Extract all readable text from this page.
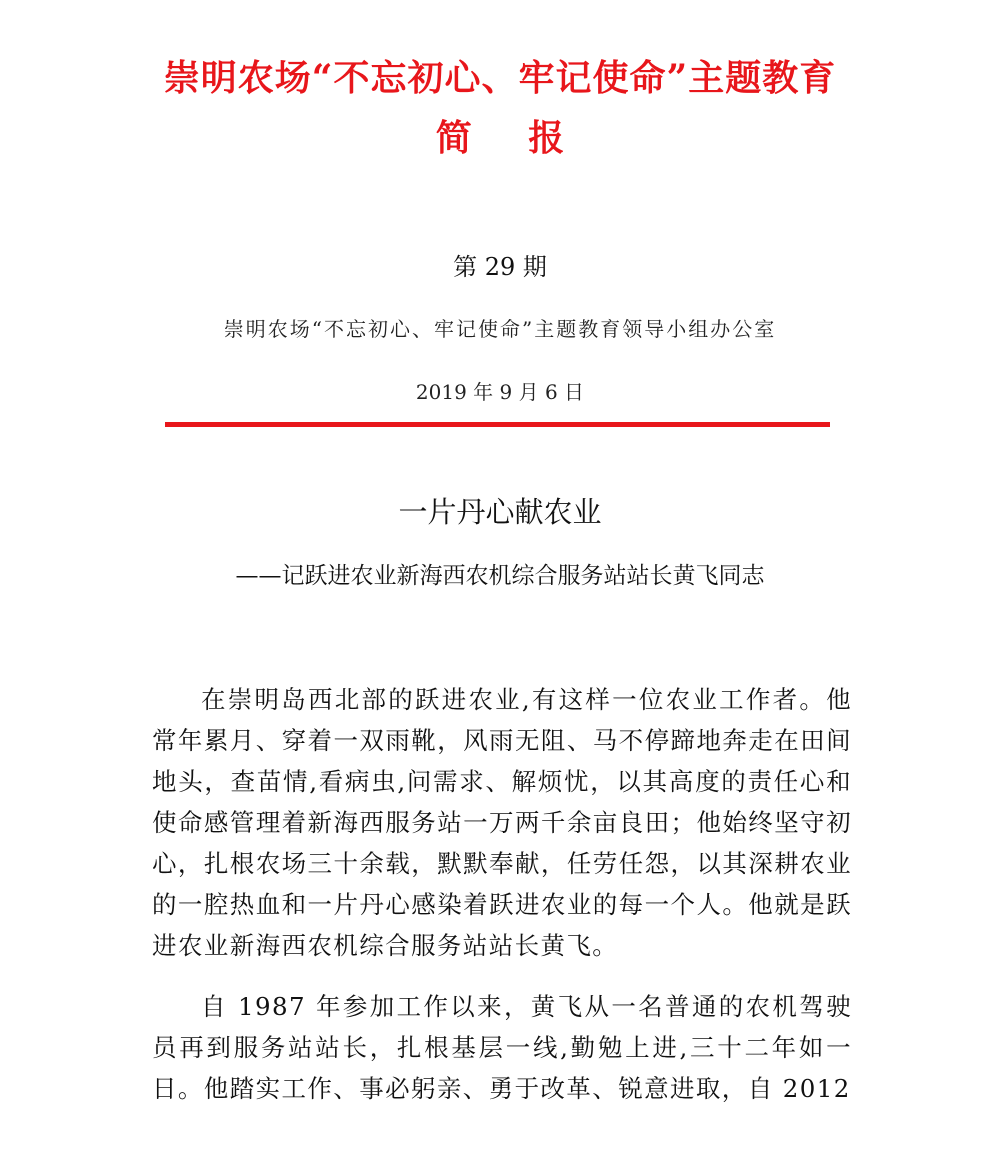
崇明农场“不忘初心、牢记使命”主题教育
简 报
第 29 期
崇明农场“不忘初心、牢记使命”主题教育领导小组办公室
2019 年 9 月 6 日
一片丹心献农业
——记跃进农业新海西农机综合服务站站长黄飞同志

在崇明岛西北部的跃进农业,有这样一位农业工作者。他常年累月、穿着一双雨靴，风雨无阻、马不停蹄地奔走在田间地头，查苗情,看病虫,问需求、解烦忧，以其高度的责任心和使命感管理着新海西服务站一万两千余亩良田；他始终坚守初心，扎根农场三十余载，默默奉献，任劳任怨，以其深耕农业的一腔热血和一片丹心感染着跃进农业的每一个人。他就是跃进农业新海西农机综合服务站站长黄飞。

自 1987 年参加工作以来，黄飞从一名普通的农机驾驶员再到服务站站长，扎根基层一线,勤勉上进,三十二年如一日。他踏实工作、事必躬亲、勇于改革、锐意进取，自 2012
